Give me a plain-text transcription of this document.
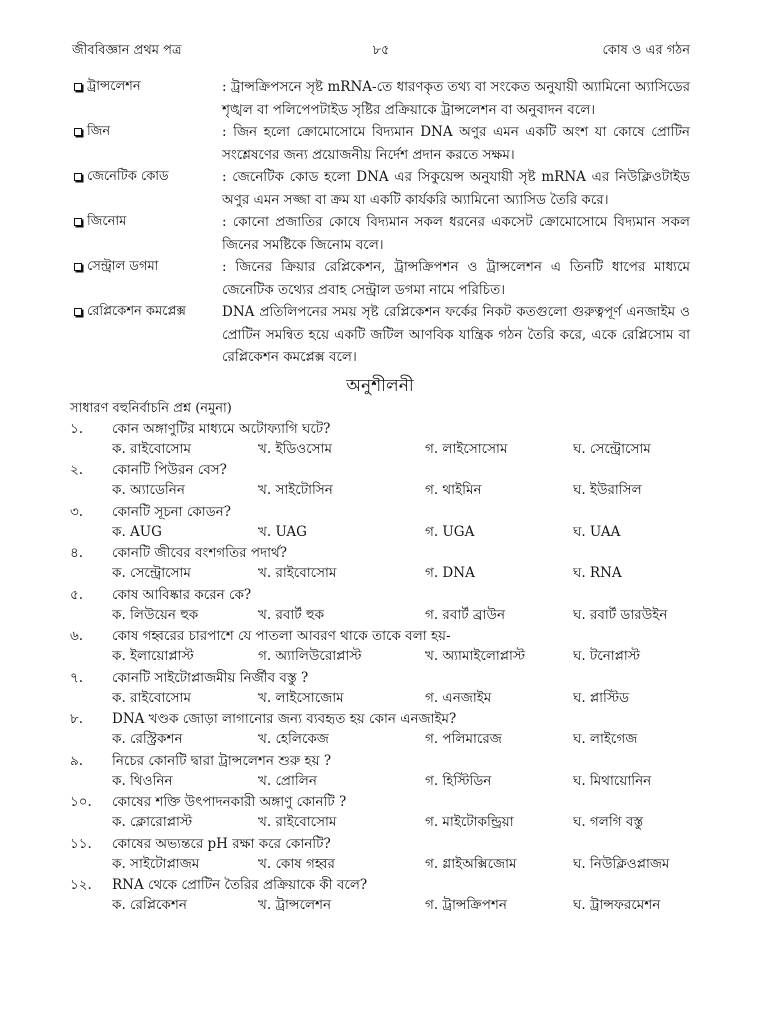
জীববিজ্ঞান প্রথম পত্র	৮৫	কোষ ও এর গঠন
ট্রান্সলেশন	: ট্রান্সক্রিপসনে সৃষ্ট mRNA-তে ধারণকৃত তথ্য বা সংকেত অনুযায়ী অ্যামিনো অ্যাসিডের শৃঙ্খল বা পলিপেপটাইড সৃষ্টির প্রক্রিয়াকে ট্রান্সলেশন বা অনুবাদন বলে।
জিন	: জিন হলো ক্রোমোসোমে বিদ্যমান DNA অণুর এমন একটি অংশ যা কোষে প্রোটিন সংশ্লেষণের জন্য প্রয়োজনীয় নির্দেশ প্রদান করতে সক্ষম।
জেনেটিক কোড	: জেনেটিক কোড হলো DNA এর সিকুয়েন্স অনুযায়ী সৃষ্ট mRNA এর নিউক্লিওটাইড অণুর এমন সজ্জা বা ক্রম যা একটি কার্যকরি অ্যামিনো অ্যাসিড তৈরি করে।
জিনোম	: কোনো প্রজাতির কোষে বিদ্যমান সকল ধরনের একসেট ক্রোমোসোমে বিদ্যমান সকল জিনের সমষ্টিকে জিনোম বলে।
সেন্ট্রাল ডগমা	: জিনের ক্রিয়ার রেপ্লিকেশন, ট্রান্সক্রিপশন ও ট্রান্সলেশন এ তিনটি ধাপের মাধ্যমে জেনেটিক তথ্যের প্রবাহ সেন্ট্রাল ডগমা নামে পরিচিত।
রেপ্লিকেশন কমপ্লেক্স	DNA প্রতিলিপনের সময় সৃষ্ট রেপ্লিকেশন ফর্কের নিকট কতগুলো গুরুত্বপূর্ণ এনজাইম ও প্রোটিন সমন্বিত হয়ে একটি জটিল আণবিক যান্ত্রিক গঠন তৈরি করে, একে রেপ্লিসোম বা রেপ্লিকেশন কমপ্লেক্স বলে।
অনুশীলনী
সাধারণ বহুনির্বাচনি প্রশ্ন (নমুনা)
১.	কোন অঙ্গাণুটির মাধ্যমে অটোফ্যাগি ঘটে?
ক. রাইবোসোম	খ. ইডিওসোম	গ. লাইসোসোম	ঘ. সেন্ট্রোসোম
২.	কোনটি পিউরন বেস?
ক. অ্যাডেনিন	খ. সাইটোসিন	গ. থাইমিন	ঘ. ইউরাসিল
৩.	কোনটি সূচনা কোডন?
ক. AUG	খ. UAG	গ. UGA	ঘ. UAA
৪.	কোনটি জীবের বংশগতির পদার্থ?
ক. সেন্ট্রোসোম	খ. রাইবোসোম	গ. DNA	ঘ. RNA
৫.	কোষ আবিষ্কার করেন কে?
ক. লিউয়েন হুক	খ. রবার্ট হুক	গ. রবার্ট ব্রাউন	ঘ. রবার্ট ডারউইন
৬.	কোষ গহ্বরের চারপাশে যে পাতলা আবরণ থাকে তাকে বলা হয়-
ক. ইলায়োপ্লাস্ট	গ. অ্যালিউরোপ্লাস্ট	খ. অ্যামাইলোপ্লাস্ট	ঘ. টনোপ্লাস্ট
৭.	কোনটি সাইটোপ্লাজমীয় নির্জীব বস্তু ?
ক. রাইবোসোম	খ. লাইসোজোম	গ. এনজাইম	ঘ. প্লাস্টিড
৮.	DNA খণ্ডক জোড়া লাগানোর জন্য ব্যবহৃত হয় কোন এনজাইম?
ক. রেস্ট্রিকশন	খ. হেলিকেজ	গ. পলিমারেজ	ঘ. লাইগেজ
৯.	নিচের কোনটি দ্বারা ট্রান্সলেশন শুরু হয় ?
ক. থিওনিন	খ. প্রোলিন	গ. হিস্টিডিন	ঘ. মিথায়োনিন
১০.	কোষের শক্তি উৎপাদনকারী অঙ্গাণু কোনটি ?
ক. ক্লোরোপ্লাস্ট	খ. রাইবোসোম	গ. মাইটোকন্ড্রিয়া	ঘ. গলগি বস্তু
১১.	কোষের অভ্যন্তরে pH রক্ষা করে কোনটি?
ক. সাইটোপ্লাজম	খ. কোষ গহ্বর	গ. গ্লাইঅক্সিজোম	ঘ. নিউক্লিওপ্লাজম
১২.	RNA থেকে প্রোটিন তৈরির প্রক্রিয়াকে কী বলে?
ক. রেপ্লিকেশন	খ. ট্রান্সলেশন	গ. ট্রান্সক্রিপশন	ঘ. ট্রান্সফরমেশন
